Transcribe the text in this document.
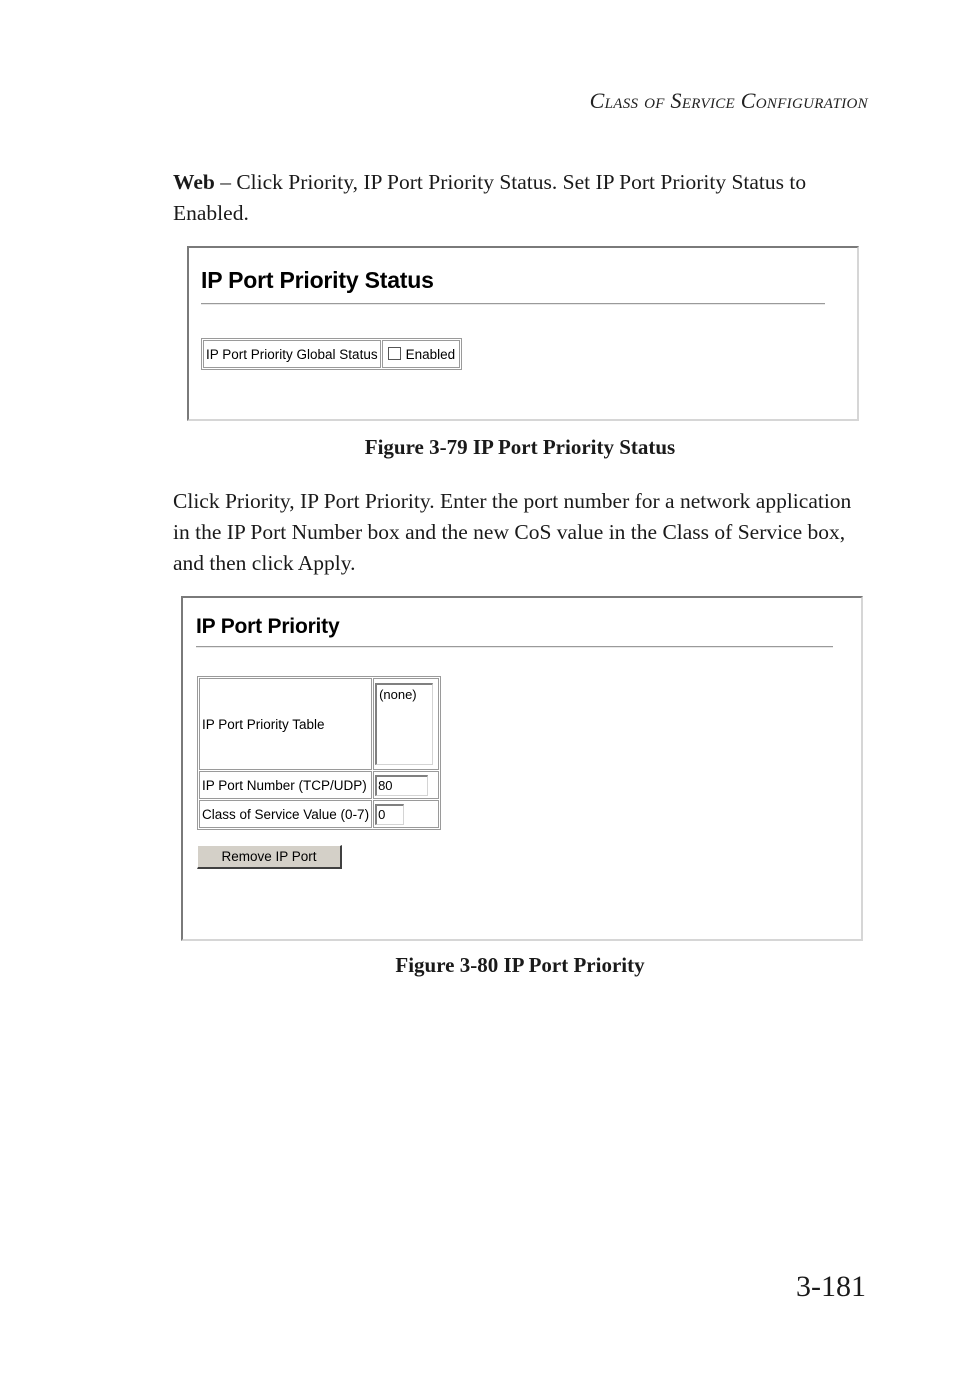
Class of Service Configuration

Web – Click Priority, IP Port Priority Status. Set IP Port Priority Status to Enabled.

IP Port Priority Status
IP Port Priority Global Status	Enabled
Figure 3-79 IP Port Priority Status

Click Priority, IP Port Priority. Enter the port number for a network application in the IP Port Number box and the new CoS value in the Class of Service box, and then click Apply.

IP Port Priority
IP Port Priority Table	(none)

IP Port Number (TCP/UDP)	80
Class of Service Value (0-7)	0
Remove IP Port
Figure 3-80 IP Port Priority
3-181
